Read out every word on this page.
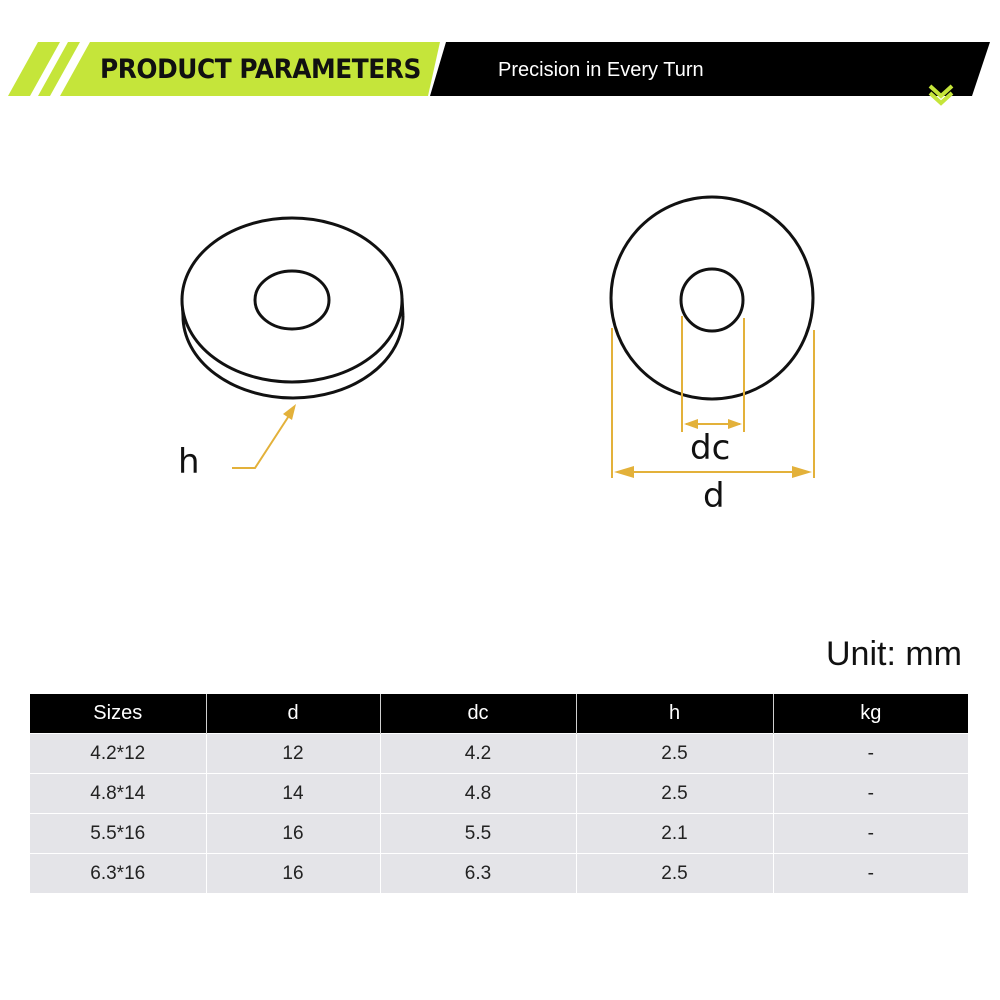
PRODUCT PARAMETERS	Precision in Every Turn
h	dc
d
Unit: mm
Sizes	d	dc	h	kg
4.2*12	12	4.2	2.5	-
4.8*14	14	4.8	2.5	-
5.5*16	16	5.5	2.1	-
6.3*16	16	6.3	2.5	-
